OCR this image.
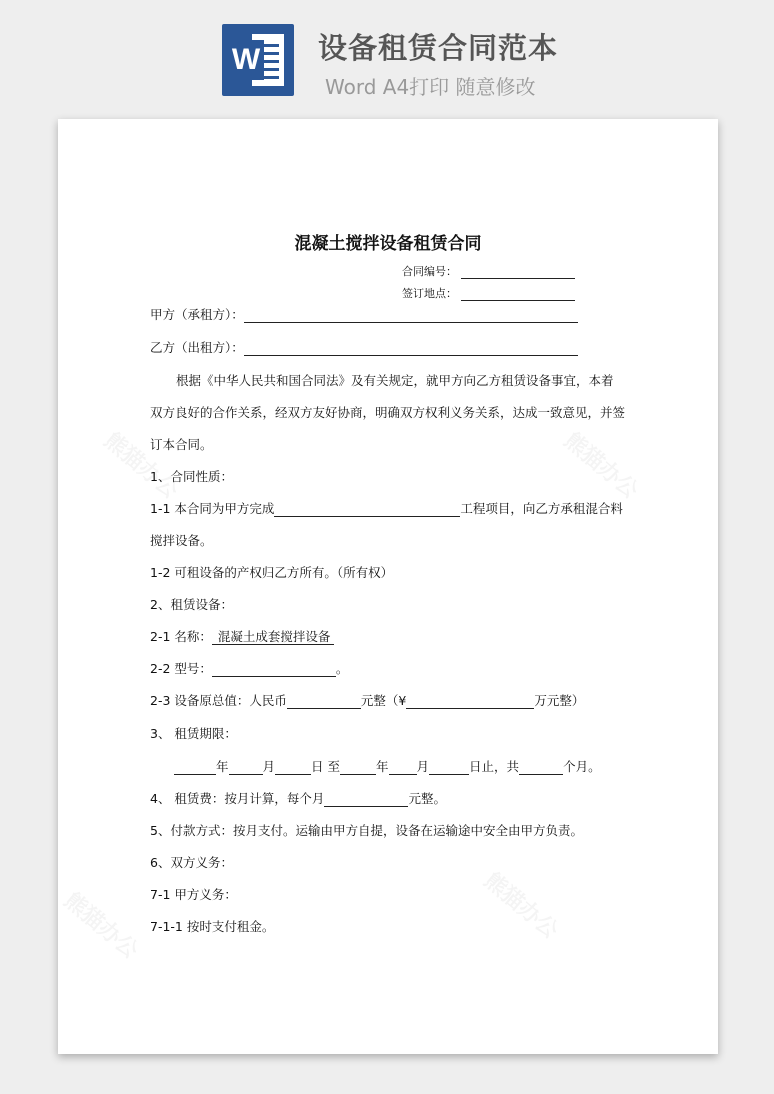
W 设备租赁合同范本
Word A4打印 随意修改
混凝土搅拌设备租赁合同
合同编号：
签订地点：
甲方（承租方）：
乙方（出租方）：
根据《中华人民共和国合同法》及有关规定，就甲方向乙方租赁设备事宜，本着
双方良好的合作关系，经双方友好协商，明确双方权利义务关系，达成一致意见，并签
订本合同。
1、合同性质：
1-1 本合同为甲方完成	工程项目，向乙方承租混合料
搅拌设备。
1-2 可租设备的产权归乙方所有。（所有权）
2、租赁设备：
2-1 名称： 混凝土成套搅拌设备
2-2 型号：	。
2-3 设备原总值：人民币	元整（¥	万元整）
3、 租赁期限：
年	月	日 至	年 月	日止，共	个月。
4、 租赁费：按月计算，每个月	元整。
5、付款方式：按月支付。运输由甲方自提，设备在运输途中安全由甲方负责。
6、双方义务：
7-1 甲方义务：
7-1-1 按时支付租金。
